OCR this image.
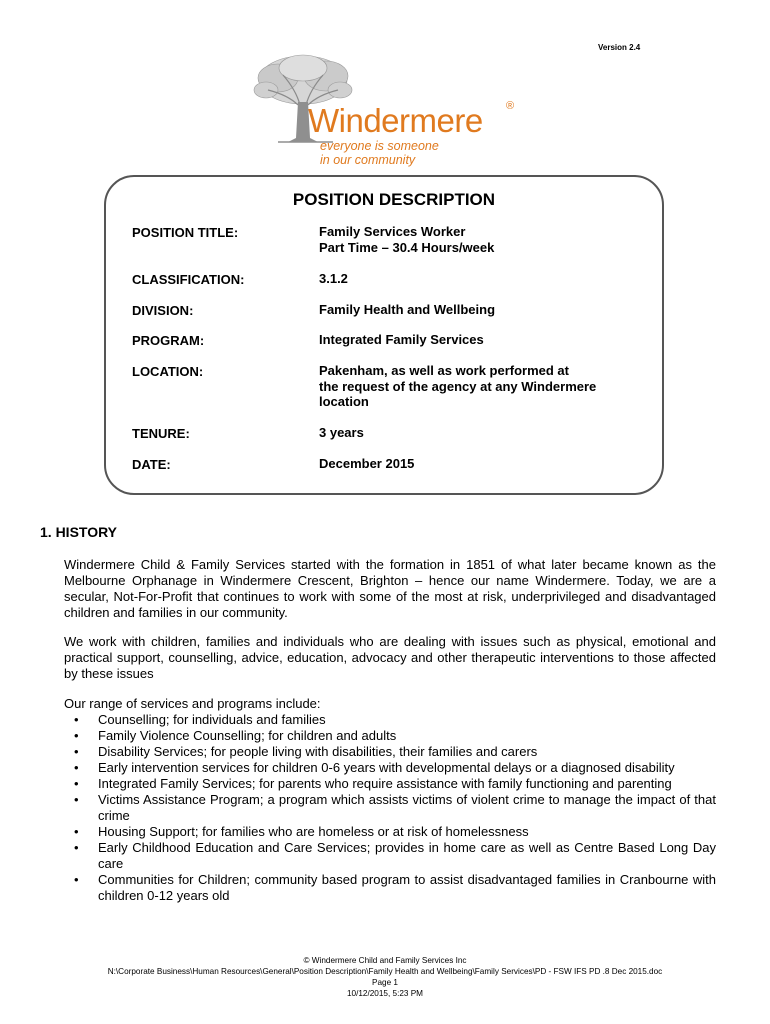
Version 2.4
Windermere ®
everyone is someone
in our community
POSITION DESCRIPTION
POSITION TITLE:	Family Services Worker
Part Time – 30.4 Hours/week
CLASSIFICATION:	3.1.2
DIVISION:	Family Health and Wellbeing
PROGRAM:	Integrated Family Services
LOCATION:	Pakenham, as well as work performed at
the request of the agency at any Windermere
location
TENURE:	3 years
DATE:	December 2015
1. HISTORY
Windermere Child & Family Services started with the formation in 1851 of what later became known as the Melbourne Orphanage in Windermere Crescent, Brighton – hence our name Windermere. Today, we are a secular, Not-For-Profit that continues to work with some of the most at risk, underprivileged and disadvantaged children and families in our community.
We work with children, families and individuals who are dealing with issues such as physical, emotional and practical support, counselling, advice, education, advocacy and other therapeutic interventions to those affected by these issues
Our range of services and programs include:
• Counselling; for individuals and families
• Family Violence Counselling; for children and adults
• Disability Services; for people living with disabilities, their families and carers
• Early intervention services for children 0-6 years with developmental delays or a diagnosed disability
• Integrated Family Services; for parents who require assistance with family functioning and parenting
• Victims Assistance Program; a program which assists victims of violent crime to manage the impact of that crime
• Housing Support; for families who are homeless or at risk of homelessness
• Early Childhood Education and Care Services; provides in home care as well as Centre Based Long Day care
• Communities for Children; community based program to assist disadvantaged families in Cranbourne with children 0-12 years old
© Windermere Child and Family Services Inc
N:\Corporate Business\Human Resources\General\Position Description\Family Health and Wellbeing\Family Services\PD - FSW IFS PD .8 Dec 2015.doc
Page 1
10/12/2015, 5:23 PM
